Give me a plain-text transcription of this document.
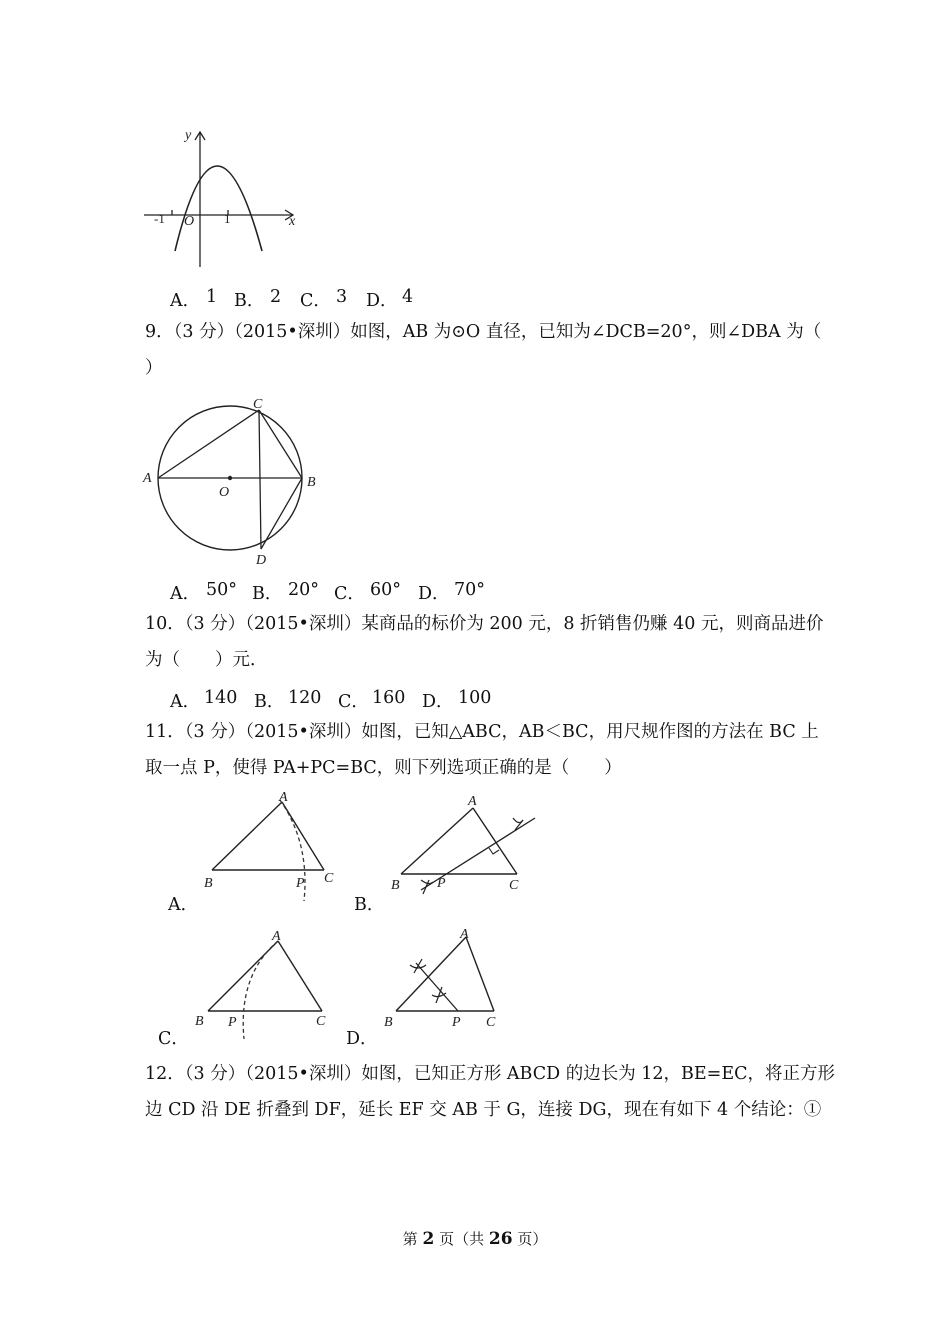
y
x
O
-1	1
A． 1 B． 2 C． 3 D． 4
9．（3 分）（2015•深圳）如图，AB 为⊙O 直径，已知为∠DCB=20°，则∠DBA 为（
）
A	B
C
D
O
A． 50° B． 20° C． 60° D． 70°
10．（3 分）（2015•深圳）某商品的标价为 200 元，8 折销售仍赚 40 元，则商品进价
为（　　）元．
A． 140 B． 120 C． 160 D． 100
11．（3 分）（2015•深圳）如图，已知△ABC，AB＜BC，用尺规作图的方法在 BC 上
取一点 P，使得 PA+PC=BC，则下列选项正确的是（　　）
A
B	C
P
A．
A
B	C
P
B．
A
B	C
P
C．
A
B	C
P
D．
12．（3 分）（2015•深圳）如图，已知正方形 ABCD 的边长为 12，BE=EC，将正方形
边 CD 沿 DE 折叠到 DF，延长 EF 交 AB 于 G，连接 DG，现在有如下 4 个结论：①
第 2 页（共 26 页）
